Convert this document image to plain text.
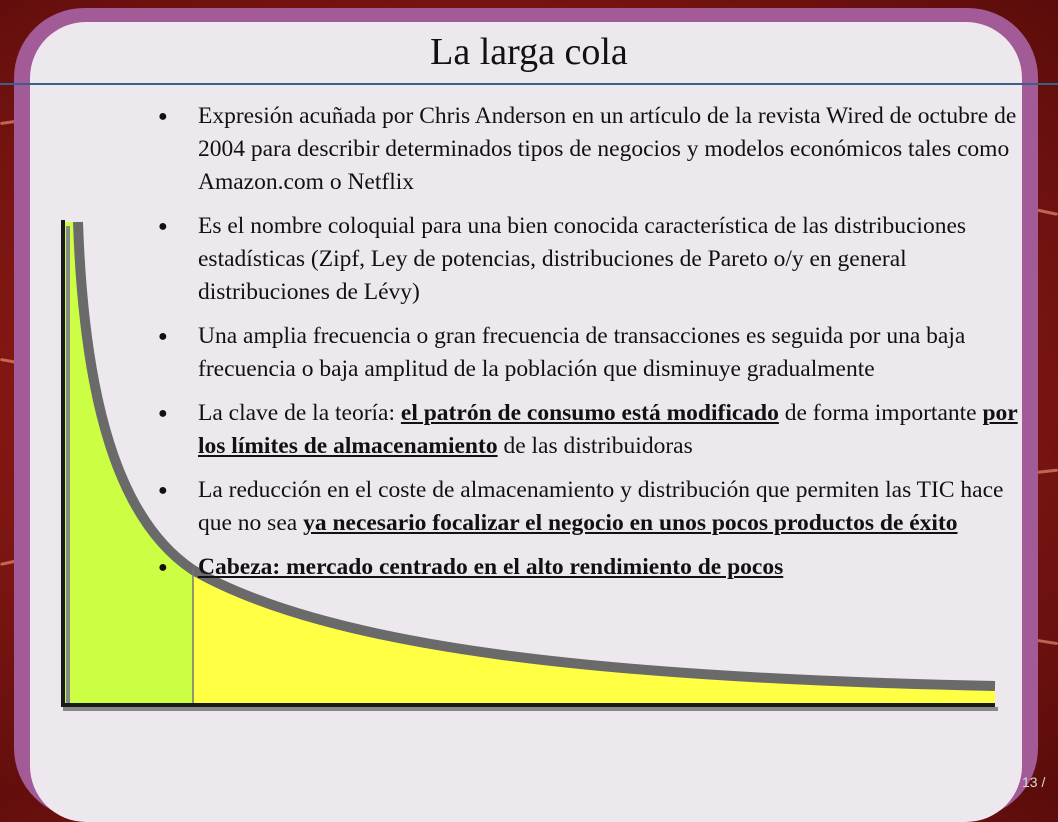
La larga cola
● Expresión acuñada por Chris Anderson en un artículo de la revista Wired de octubre de 2004 para describir determinados tipos de negocios y modelos económicos tales como Amazon.com o Netflix
● Es el nombre coloquial para una bien conocida característica de las distribuciones estadísticas (Zipf, Ley de potencias, distribuciones de Pareto o/y en general distribuciones de Lévy)
● Una amplia frecuencia o gran frecuencia de transacciones es seguida por una baja frecuencia o baja amplitud de la población que disminuye gradualmente
● La clave de la teoría: el patrón de consumo está modificado de forma importante por los límites de almacenamiento de las distribuidoras
● La reducción en el coste de almacenamiento y distribución que permiten las TIC hace que no sea ya necesario focalizar el negocio en unos pocos productos de éxito
● Cabeza: mercado centrado en el alto rendimiento de pocos
13 /
